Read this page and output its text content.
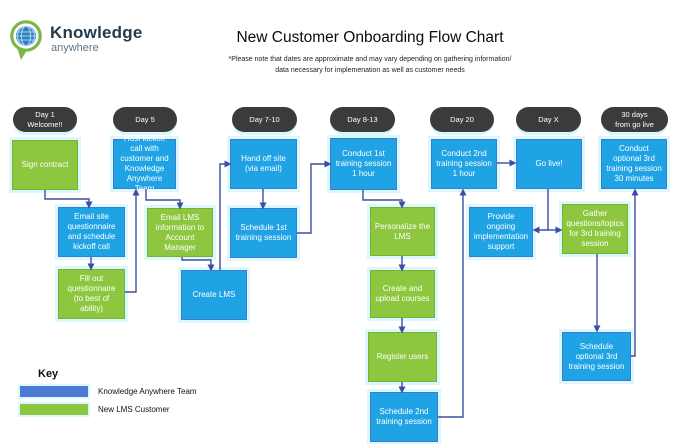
Knowledge
anywhere
New Customer Onboarding Flow Chart
*Please note that dates are approximate and may vary depending on gathering information/
data necessary for implemenation as well as customer needs
Day 1
Welcome!!
Day 5	Day 7-10	Day 8-13	Day 20	Day X
30 days
from go live
Sign contract
Email site questionnaire and schedule kickoff call
Fill out questionnaire (to best of ability)
Host kickoff call with customer and Knowledge Anywhere Team
Email LMS information to Account Manager
Create LMS
Hand off site (via email)
Schedule 1st training session
Conduct 1st training session 1 hour
Personalize the LMS
Create and upload courses
Register users
Schedule 2nd training session
Conduct 2nd training session 1 hour
Provide ongoing implementation support
Go live!
Gather questions/topics for 3rd training session
Schedule optional 3rd training session
Conduct optional 3rd training session 30 minutes
Key
Knowledge Anywhere Team
New LMS Customer
